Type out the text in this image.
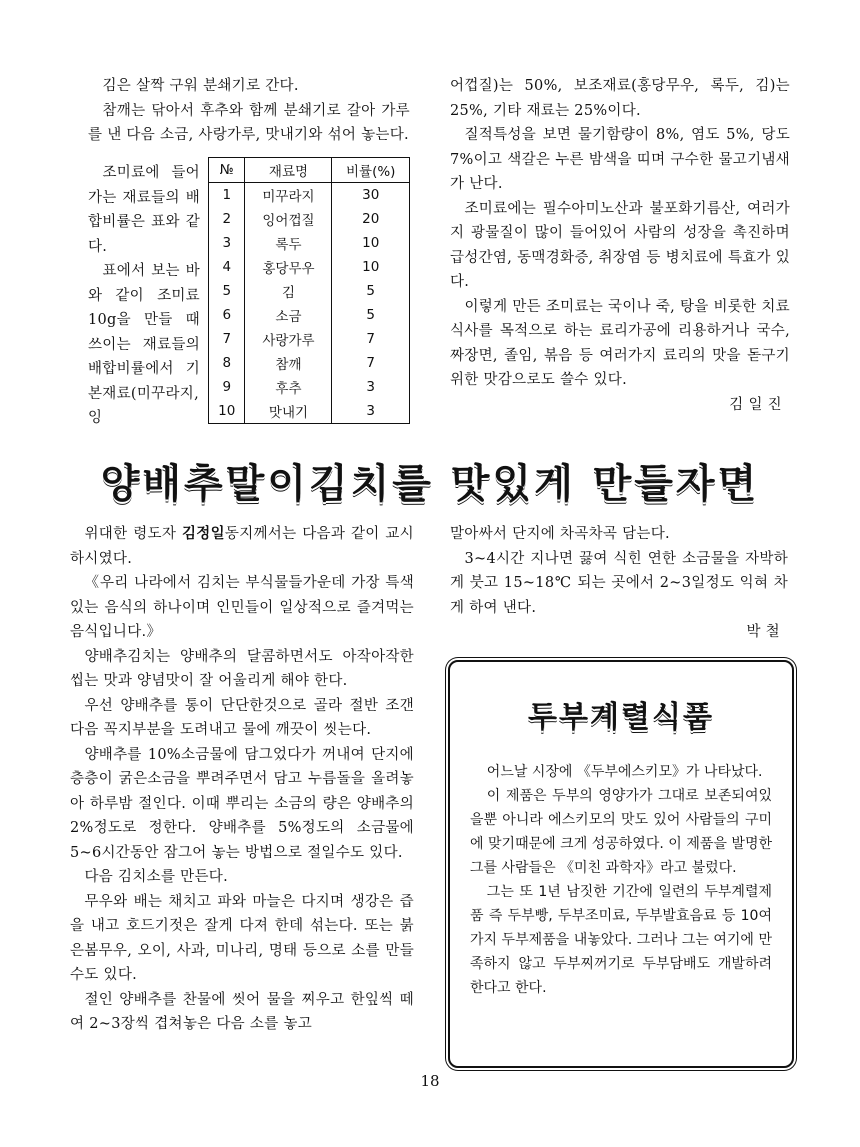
김은 살짝 구워 분쇄기로 간다.

참깨는 닦아서 후추와 함께 분쇄기로 갈아 가루를 낸 다음 소금, 사랑가루, 맛내기와 섞어 놓는다.

조미료에 들어가는 재료들의 배합비률은 표와 같다.

표에서 보는 바와 같이 조미료 10g을 만들 때 쓰이는 재료들의 배합비률에서 기본재료(미꾸라지, 잉

№	재료명	비률(%)
1	미꾸라지	30
2	잉어껍질	20
3	록두	10
4	홍당무우	10
5	김	5
6	소금	5
7	사랑가루	7
8	참깨	7
9	후추	3
10	맛내기	3

어껍질)는 50%, 보조재료(홍당무우, 록두, 김)는 25%, 기타 재료는 25%이다.

질적특성을 보면 물기함량이 8%, 염도 5%, 당도 7%이고 색갈은 누른 밤색을 띠며 구수한 물고기냄새가 난다.

조미료에는 필수아미노산과 불포화기름산, 여러가지 광물질이 많이 들어있어 사람의 성장을 촉진하며 급성간염, 동맥경화증, 취장염 등 병치료에 특효가 있다.

이렇게 만든 조미료는 국이나 죽, 탕을 비롯한 치료식사를 목적으로 하는 료리가공에 리용하거나 국수, 짜장면, 졸임, 볶음 등 여러가지 료리의 맛을 돋구기 위한 맛감으로도 쓸수 있다.

김 일 진

양배추말이김치를 맛있게 만들자면

위대한 령도자 김정일동지께서는 다음과 같이 교시하시였다.

《우리 나라에서 김치는 부식물들가운데 가장 특색있는 음식의 하나이며 인민들이 일상적으로 즐겨먹는 음식입니다.》

양배추김치는 양배추의 달콤하면서도 아작아작한 씹는 맛과 양념맛이 잘 어울리게 해야 한다.

우선 양배추를 통이 단단한것으로 골라 절반 조갠 다음 꼭지부분을 도려내고 물에 깨끗이 씻는다.

양배추를 10%소금물에 담그었다가 꺼내여 단지에 층층이 굵은소금을 뿌려주면서 담고 누름돌을 올려놓아 하루밤 절인다. 이때 뿌리는 소금의 량은 양배추의 2%정도로 정한다. 양배추를 5%정도의 소금물에 5~6시간동안 잠그어 놓는 방법으로 절일수도 있다.

다음 김치소를 만든다.

무우와 배는 채치고 파와 마늘은 다지며 생강은 즙을 내고 호드기젓은 잘게 다져 한데 섞는다. 또는 붉은봄무우, 오이, 사과, 미나리, 명태 등으로 소를 만들수도 있다.

절인 양배추를 찬물에 씻어 물을 찌우고 한잎씩 떼여 2~3장씩 겹쳐놓은 다음 소를 놓고

말아싸서 단지에 차곡차곡 담는다.

3~4시간 지나면 끓여 식힌 연한 소금물을 자박하게 붓고 15~18℃ 되는 곳에서 2~3일정도 익혀 차게 하여 낸다.

박 철

두부계렬식품

어느날 시장에 《두부에스키모》가 나타났다.

이 제품은 두부의 영양가가 그대로 보존되여있을뿐 아니라 에스키모의 맛도 있어 사람들의 구미에 맞기때문에 크게 성공하였다. 이 제품을 발명한 그를 사람들은 《미친 과학자》라고 불렀다.

그는 또 1년 남짓한 기간에 일련의 두부계렬제품 즉 두부빵, 두부조미료, 두부발효음료 등 10여가지 두부제품을 내놓았다. 그러나 그는 여기에 만족하지 않고 두부찌꺼기로 두부담배도 개발하려 한다고 한다.

18
